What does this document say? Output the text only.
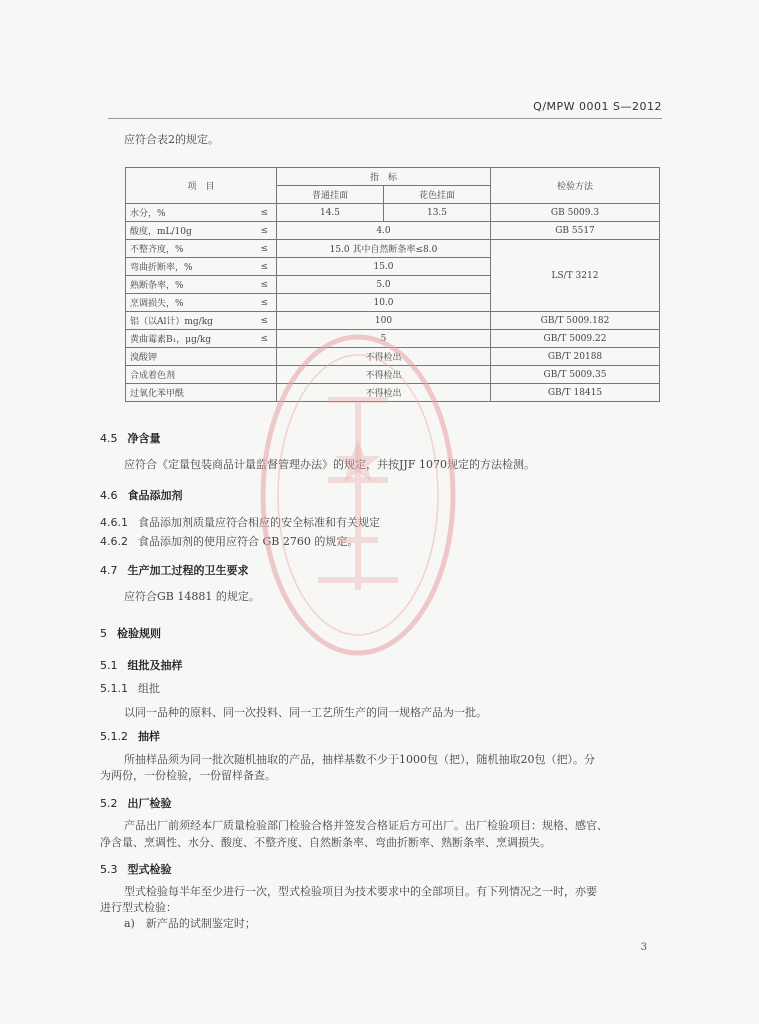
Q/MPW 0001 S—2012
应符合表2的规定。
项　目		指　标		检验方法
		普通挂面	花色挂面	
水分，%	≤	14.5	13.5	GB 5009.3
酸度，mL/10g	≤	4.0		GB 5517
不整齐度，%	≤	15.0 其中自然断条率≤8.0		LS/T 3212
弯曲折断率，%	≤	15.0		
熟断条率，%	≤	5.0		
烹调损失，%	≤	10.0		
铝（以Al计）mg/kg	≤	100		GB/T 5009.182
黄曲霉素B₁，μg/kg	≤	5		GB/T 5009.22
溴酸钾		不得检出		GB/T 20188
合成着色剂		不得检出		GB/T 5009.35
过氧化苯甲酰		不得检出		GB/T 18415
4.5 净含量
应符合《定量包装商品计量监督管理办法》的规定，并按JJF 1070规定的方法检测。
4.6 食品添加剂
4.6.1 食品添加剂质量应符合相应的安全标准和有关规定
4.6.2 食品添加剂的使用应符合 GB 2760 的规定。
4.7 生产加工过程的卫生要求
应符合GB 14881 的规定。
5 检验规则
5.1 组批及抽样
5.1.1 组批
以同一品种的原料、同一次投料、同一工艺所生产的同一规格产品为一批。
5.1.2 抽样
所抽样品须为同一批次随机抽取的产品，抽样基数不少于1000包（把），随机抽取20包（把）。分
为两份，一份检验，一份留样备查。
5.2 出厂检验
产品出厂前须经本厂质量检验部门检验合格并签发合格证后方可出厂。出厂检验项目：规格、感官、
净含量、烹调性、水分、酸度、不整齐度、自然断条率、弯曲折断率、熟断条率、烹调损失。
5.3 型式检验
型式检验每半年至少进行一次，型式检验项目为技术要求中的全部项目。有下列情况之一时，亦要
进行型式检验：
a)　新产品的试制鉴定时；
3
